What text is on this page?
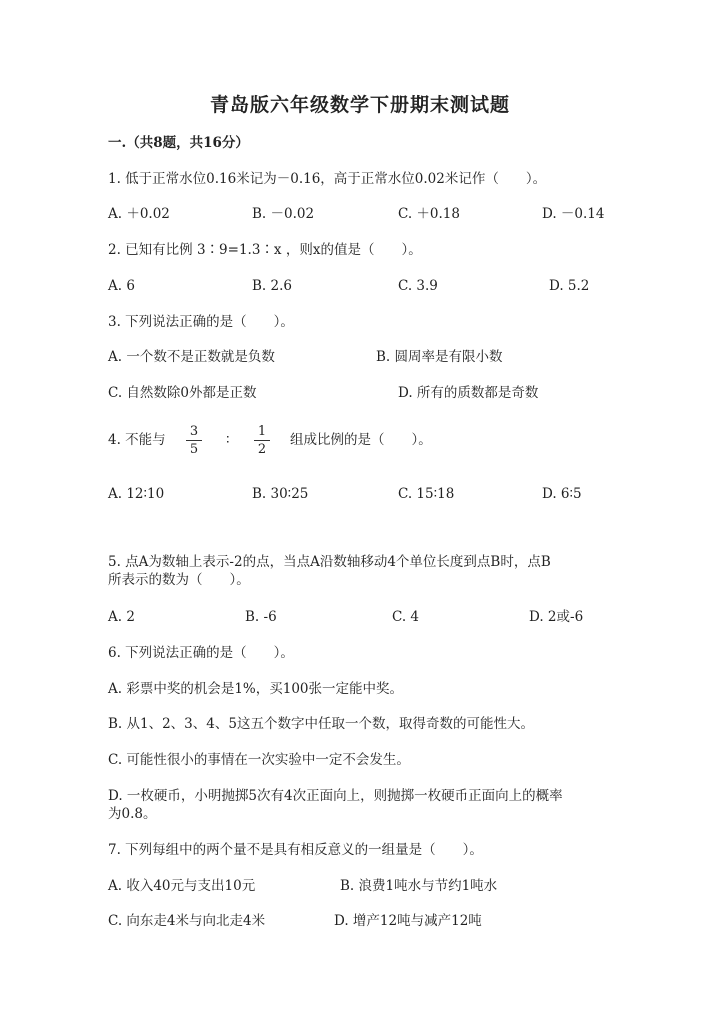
青岛版六年级数学下册期末测试题
一.（共8题，共16分）
1. 低于正常水位0.16米记为－0.16，高于正常水位0.02米记作（　　）。
A. ＋0.02	B. －0.02	C. ＋0.18	D. －0.14
2. 已知有比例 3∶9=1.3∶x ，则x的值是（　　）。
A. 6	B. 2.6	C. 3.9	D. 5.2
3. 下列说法正确的是（　　）。
A. 一个数不是正数就是负数	B. 圆周率是有限小数
C. 自然数除0外都是正数	D. 所有的质数都是奇数
4. 不能与
3
5
∶
1
2
组成比例的是（　　）。
A. 12∶10	B. 30∶25	C. 15∶18	D. 6∶5
5. 点A为数轴上表示-2的点，当点A沿数轴移动4个单位长度到点B时，点B
所表示的数为（　　）。
A. 2	B. -6	C. 4	D. 2或-6
6. 下列说法正确的是（　　）。
A. 彩票中奖的机会是1%，买100张一定能中奖。
B. 从1、2、3、4、5这五个数字中任取一个数，取得奇数的可能性大。
C. 可能性很小的事情在一次实验中一定不会发生。
D. 一枚硬币，小明抛掷5次有4次正面向上，则抛掷一枚硬币正面向上的概率
为0.8。
7. 下列每组中的两个量不是具有相反意义的一组量是（　　）。
A. 收入40元与支出10元	B. 浪费1吨水与节约1吨水
C. 向东走4米与向北走4米	D. 增产12吨与减产12吨
